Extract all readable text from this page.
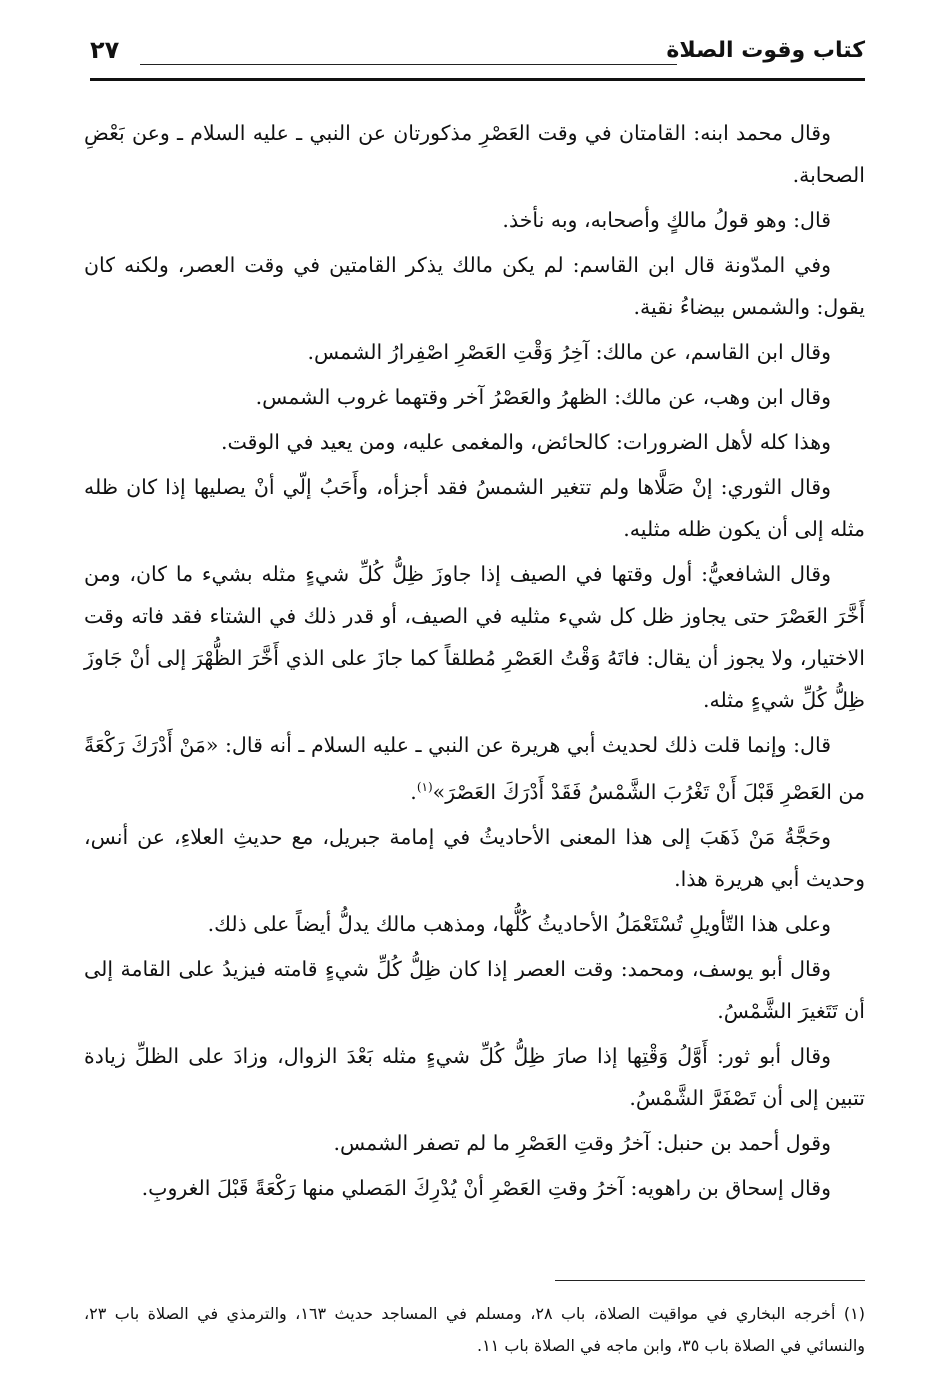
كتاب وقوت الصلاة
٢٧

وقال محمد ابنه: القامتان في وقت العَصْرِ مذكورتان عن النبي ـ عليه السلام ـ وعن بَعْضِ الصحابة.

قال: وهو قولُ مالكٍ وأصحابه، وبه نأخذ.

وفي المدّونة قال ابن القاسم: لم يكن مالك يذكر القامتين في وقت العصر، ولكنه كان يقول: والشمس بيضاءُ نقية.

وقال ابن القاسم، عن مالك: آخِرُ وَقْتِ العَصْرِ اصْفِرارُ الشمس.

وقال ابن وهب، عن مالك: الظهرُ والعَصْرُ آخر وقتهما غروب الشمس.

وهذا كله لأهل الضرورات: كالحائض، والمغمى عليه، ومن يعيد في الوقت.

وقال الثوري: إنْ صَلَّاها ولم تتغير الشمسُ فقد أجزأه، وأَحَبُ إلّي أنْ يصليها إذا كان ظله مثله إلى أن يكون ظله مثليه.

وقال الشافعيُّ: أول وقتها في الصيف إذا جاوزَ ظِلُّ كُلِّ شيءٍ مثله بشيء ما كان، ومن أَخَّرَ العَصْرَ حتى يجاوز ظل كل شيء مثليه في الصيف، أو قدر ذلك في الشتاء فقد فاته وقت الاختيار، ولا يجوز أن يقال: فاتَهُ وَقْتُ العَصْرِ مُطلقاً كما جازَ على الذي أَخَّرَ الظُّهْرَ إلى أنْ جَاوزَ ظِلُّ كُلِّ شيءٍ مثله.

قال: وإنما قلت ذلك لحديث أبي هريرة عن النبي ـ عليه السلام ـ أنه قال: «مَنْ أَدْرَكَ رَكْعَةً من العَصْرِ قَبْلَ أَنْ تَغْرُبَ الشَّمْسُ فَقَدْ أَدْرَكَ العَصْرَ»$^{(١)}$.

وحَجَّةُ مَنْ ذَهَبَ إلى هذا المعنى الأحاديثُ في إمامة جبريل، مع حديثِ العلاءِ، عن أنس، وحديث أبي هريرة هذا.

وعلى هذا التّأويلِ تُسْتَعْمَلُ الأحاديثُ كُلُّها، ومذهب مالك يدلُّ أيضاً على ذلك.

وقال أبو يوسف، ومحمد: وقت العصر إذا كان ظِلُّ كُلِّ شيءٍ قامته فيزيدُ على القامة إلى أن تَتَغيرَ الشَّمْسُ.

وقال أبو ثور: أَوَّلُ وَقْتِها إذا صارَ ظِلُّ كُلِّ شيءٍ مثله بَعْدَ الزوال، وزادَ على الظلِّ زيادة تتبين إلى أن تَصْفَرَّ الشَّمْسُ.

وقول أحمد بن حنبل: آخرُ وقتِ العَصْرِ ما لم تصفر الشمس.

وقال إسحاق بن راهويه: آخرُ وقتِ العَصْرِ أنْ يُدْرِكَ المَصلي منها رَكْعَةً قَبْلَ الغروبِ.

(١) أخرجه البخاري في مواقيت الصلاة، باب ٢٨، ومسلم في المساجد حديث ١٦٣، والترمذي في الصلاة باب ٢٣، والنسائي في الصلاة باب ٣٥، وابن ماجه في الصلاة باب ١١.
